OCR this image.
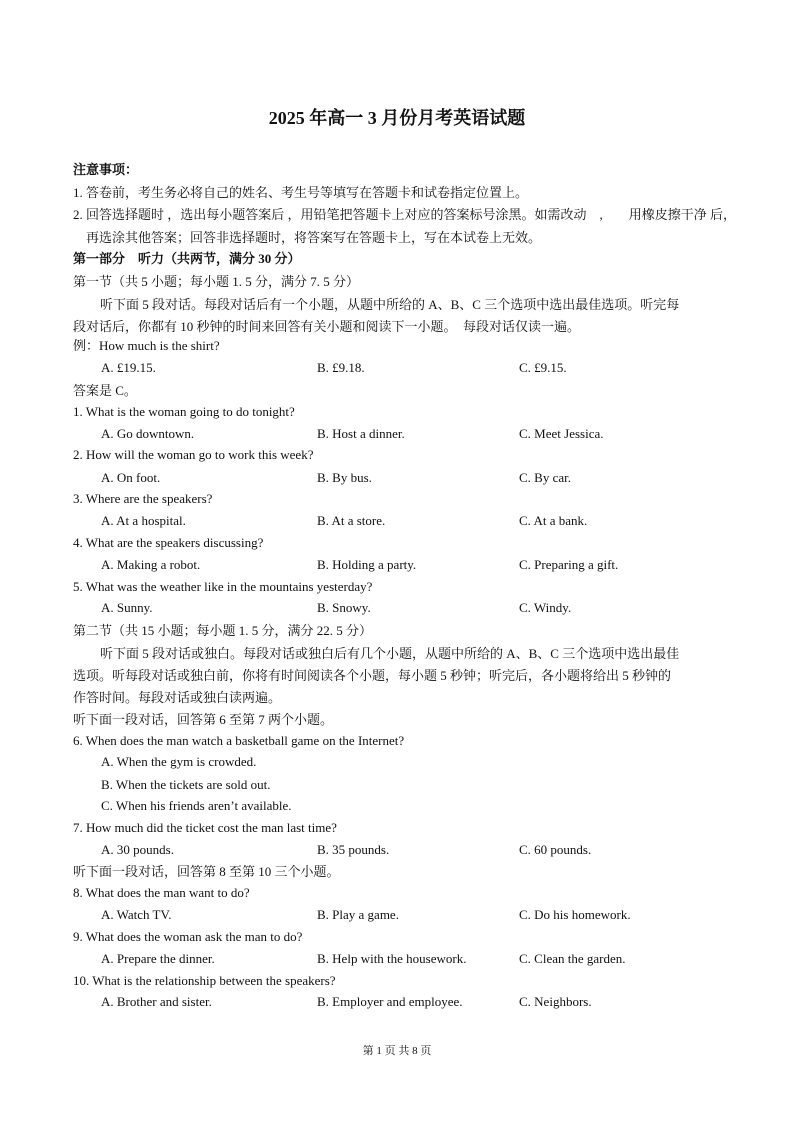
2025 年高一 3 月份月考英语试题
注意事项：
1. 答卷前，考生务必将自己的姓名、考生号等填写在答题卡和试卷指定位置上。
2. 回答选择题时 ，选出每小题答案后 ，用铅笔把答题卡上对应的答案标号涂黑。如需改动　,　　用橡皮擦干净 后，
再选涂其他答案；回答非选择题时，将答案写在答题卡上，写在本试卷上无效。
第一部分　听力（共两节，满分 30 分）
第一节（共 5 小题；每小题 1. 5 分，满分 7. 5 分）
听下面 5 段对话。每段对话后有一个小题，从题中所给的 A、B、C 三个选项中选出最佳选项。听完每
段对话后，你都有 10 秒钟的时间来回答有关小题和阅读下一小题。　每段对话仅读一遍。
例：How much is the shirt?
A. £19.15.	B. £9.18.	C. £9.15.
答案是 C。
1. What is the woman going to do tonight?
A. Go downtown.	B. Host a dinner.	C. Meet Jessica.
2. How will the woman go to work this week?
A. On foot.	B. By bus.	C. By car.
3. Where are the speakers?
A. At a hospital.	B. At a store.	C. At a bank.
4. What are the speakers discussing?
A. Making a robot.	B. Holding a party.	C. Preparing a gift.
5. What was the weather like in the mountains yesterday?
A. Sunny.	B. Snowy.	C. Windy.
第二节（共 15 小题；每小题 1. 5 分，满分 22. 5 分）
听下面 5 段对话或独白。每段对话或独白后有几个小题，从题中所给的 A、B、C 三个选项中选出最佳
选项。听每段对话或独白前，你将有时间阅读各个小题，每小题 5 秒钟；听完后，各小题将给出 5 秒钟的
作答时间。每段对话或独白读两遍。
听下面一段对话，回答第 6 至第 7 两个小题。
6. When does the man watch a basketball game on the Internet?
A. When the gym is crowded.
B. When the tickets are sold out.
C. When his friends aren’t available.
7. How much did the ticket cost the man last time?
A. 30 pounds.	B. 35 pounds.	C. 60 pounds.
听下面一段对话，回答第 8 至第 10 三个小题。
8. What does the man want to do?
A. Watch TV.	B. Play a game.	C. Do his homework.
9. What does the woman ask the man to do?
A. Prepare the dinner.	B. Help with the housework.	C. Clean the garden.
10. What is the relationship between the speakers?
A. Brother and sister.	B. Employer and employee.	C. Neighbors.
第 1 页 共 8 页
